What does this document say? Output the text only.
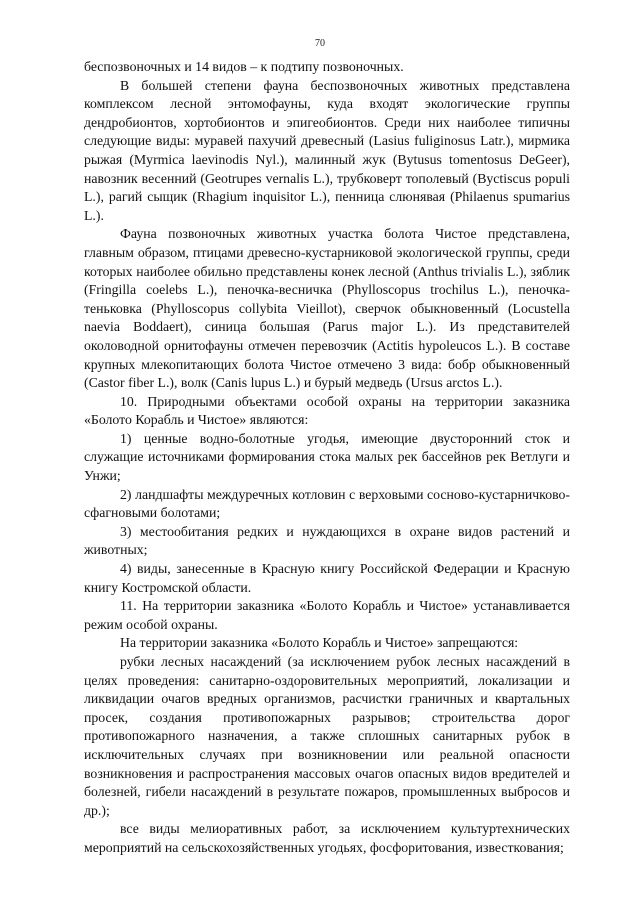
70

беспозвоночных и 14 видов – к подтипу позвоночных.

В большей степени фауна беспозвоночных животных представлена комплексом лесной энтомофауны, куда входят экологические группы дендробионтов, хортобионтов и эпигеобионтов. Среди них наиболее типичны следующие виды: муравей пахучий древесный (Lasius fuliginosus Latr.), мирмика рыжая (Myrmica laevinodis Nyl.), малинный жук (Bytusus tomentosus DeGeer), навозник весенний (Geotrupes vernalis L.), трубковерт тополевый (Byctiscus populi L.), рагий сыщик (Rhagium inquisitor L.), пенница слюнявая (Philaenus spumarius L.).

Фауна позвоночных животных участка болота Чистое представлена, главным образом, птицами древесно-кустарниковой экологической группы, среди которых наиболее обильно представлены конек лесной (Anthus trivialis L.), зяблик (Fringilla coelebs L.), пеночка-весничка (Phylloscopus trochilus L.), пеночка-теньковка (Phylloscopus collybita Vieillot), сверчок обыкновенный (Locustella naevia Boddaert), синица большая (Parus major L.). Из представителей околоводной орнитофауны отмечен перевозчик (Actitis hypoleucos L.). В составе крупных млекопитающих болота Чистое отмечено 3 вида: бобр обыкновенный (Castor fiber L.), волк (Canis lupus L.) и бурый медведь (Ursus arctos L.).

10. Природными объектами особой охраны на территории заказника «Болото Корабль и Чистое» являются:

1) ценные водно-болотные угодья, имеющие двусторонний сток и служащие источниками формирования стока малых рек бассейнов рек Ветлуги и Унжи;

2) ландшафты междуречных котловин с верховыми сосново-кустарничково-сфагновыми болотами;

3) местообитания редких и нуждающихся в охране видов растений и животных;

4) виды, занесенные в Красную книгу Российской Федерации и Красную книгу Костромской области.

11. На территории заказника «Болото Корабль и Чистое» устанавливается режим особой охраны.

На территории заказника «Болото Корабль и Чистое» запрещаются:

рубки лесных насаждений (за исключением рубок лесных насаждений в целях проведения: санитарно-оздоровительных мероприятий, локализации и ликвидации очагов вредных организмов, расчистки граничных и квартальных просек, создания противопожарных разрывов; строительства дорог противопожарного назначения, а также сплошных санитарных рубок в исключительных случаях при возникновении или реальной опасности возникновения и распространения массовых очагов опасных видов вредителей и болезней, гибели насаждений в результате пожаров, промышленных выбросов и др.);

все виды мелиоративных работ, за исключением культуртехнических мероприятий на сельскохозяйственных угодьях, фосфоритования, известкования;
